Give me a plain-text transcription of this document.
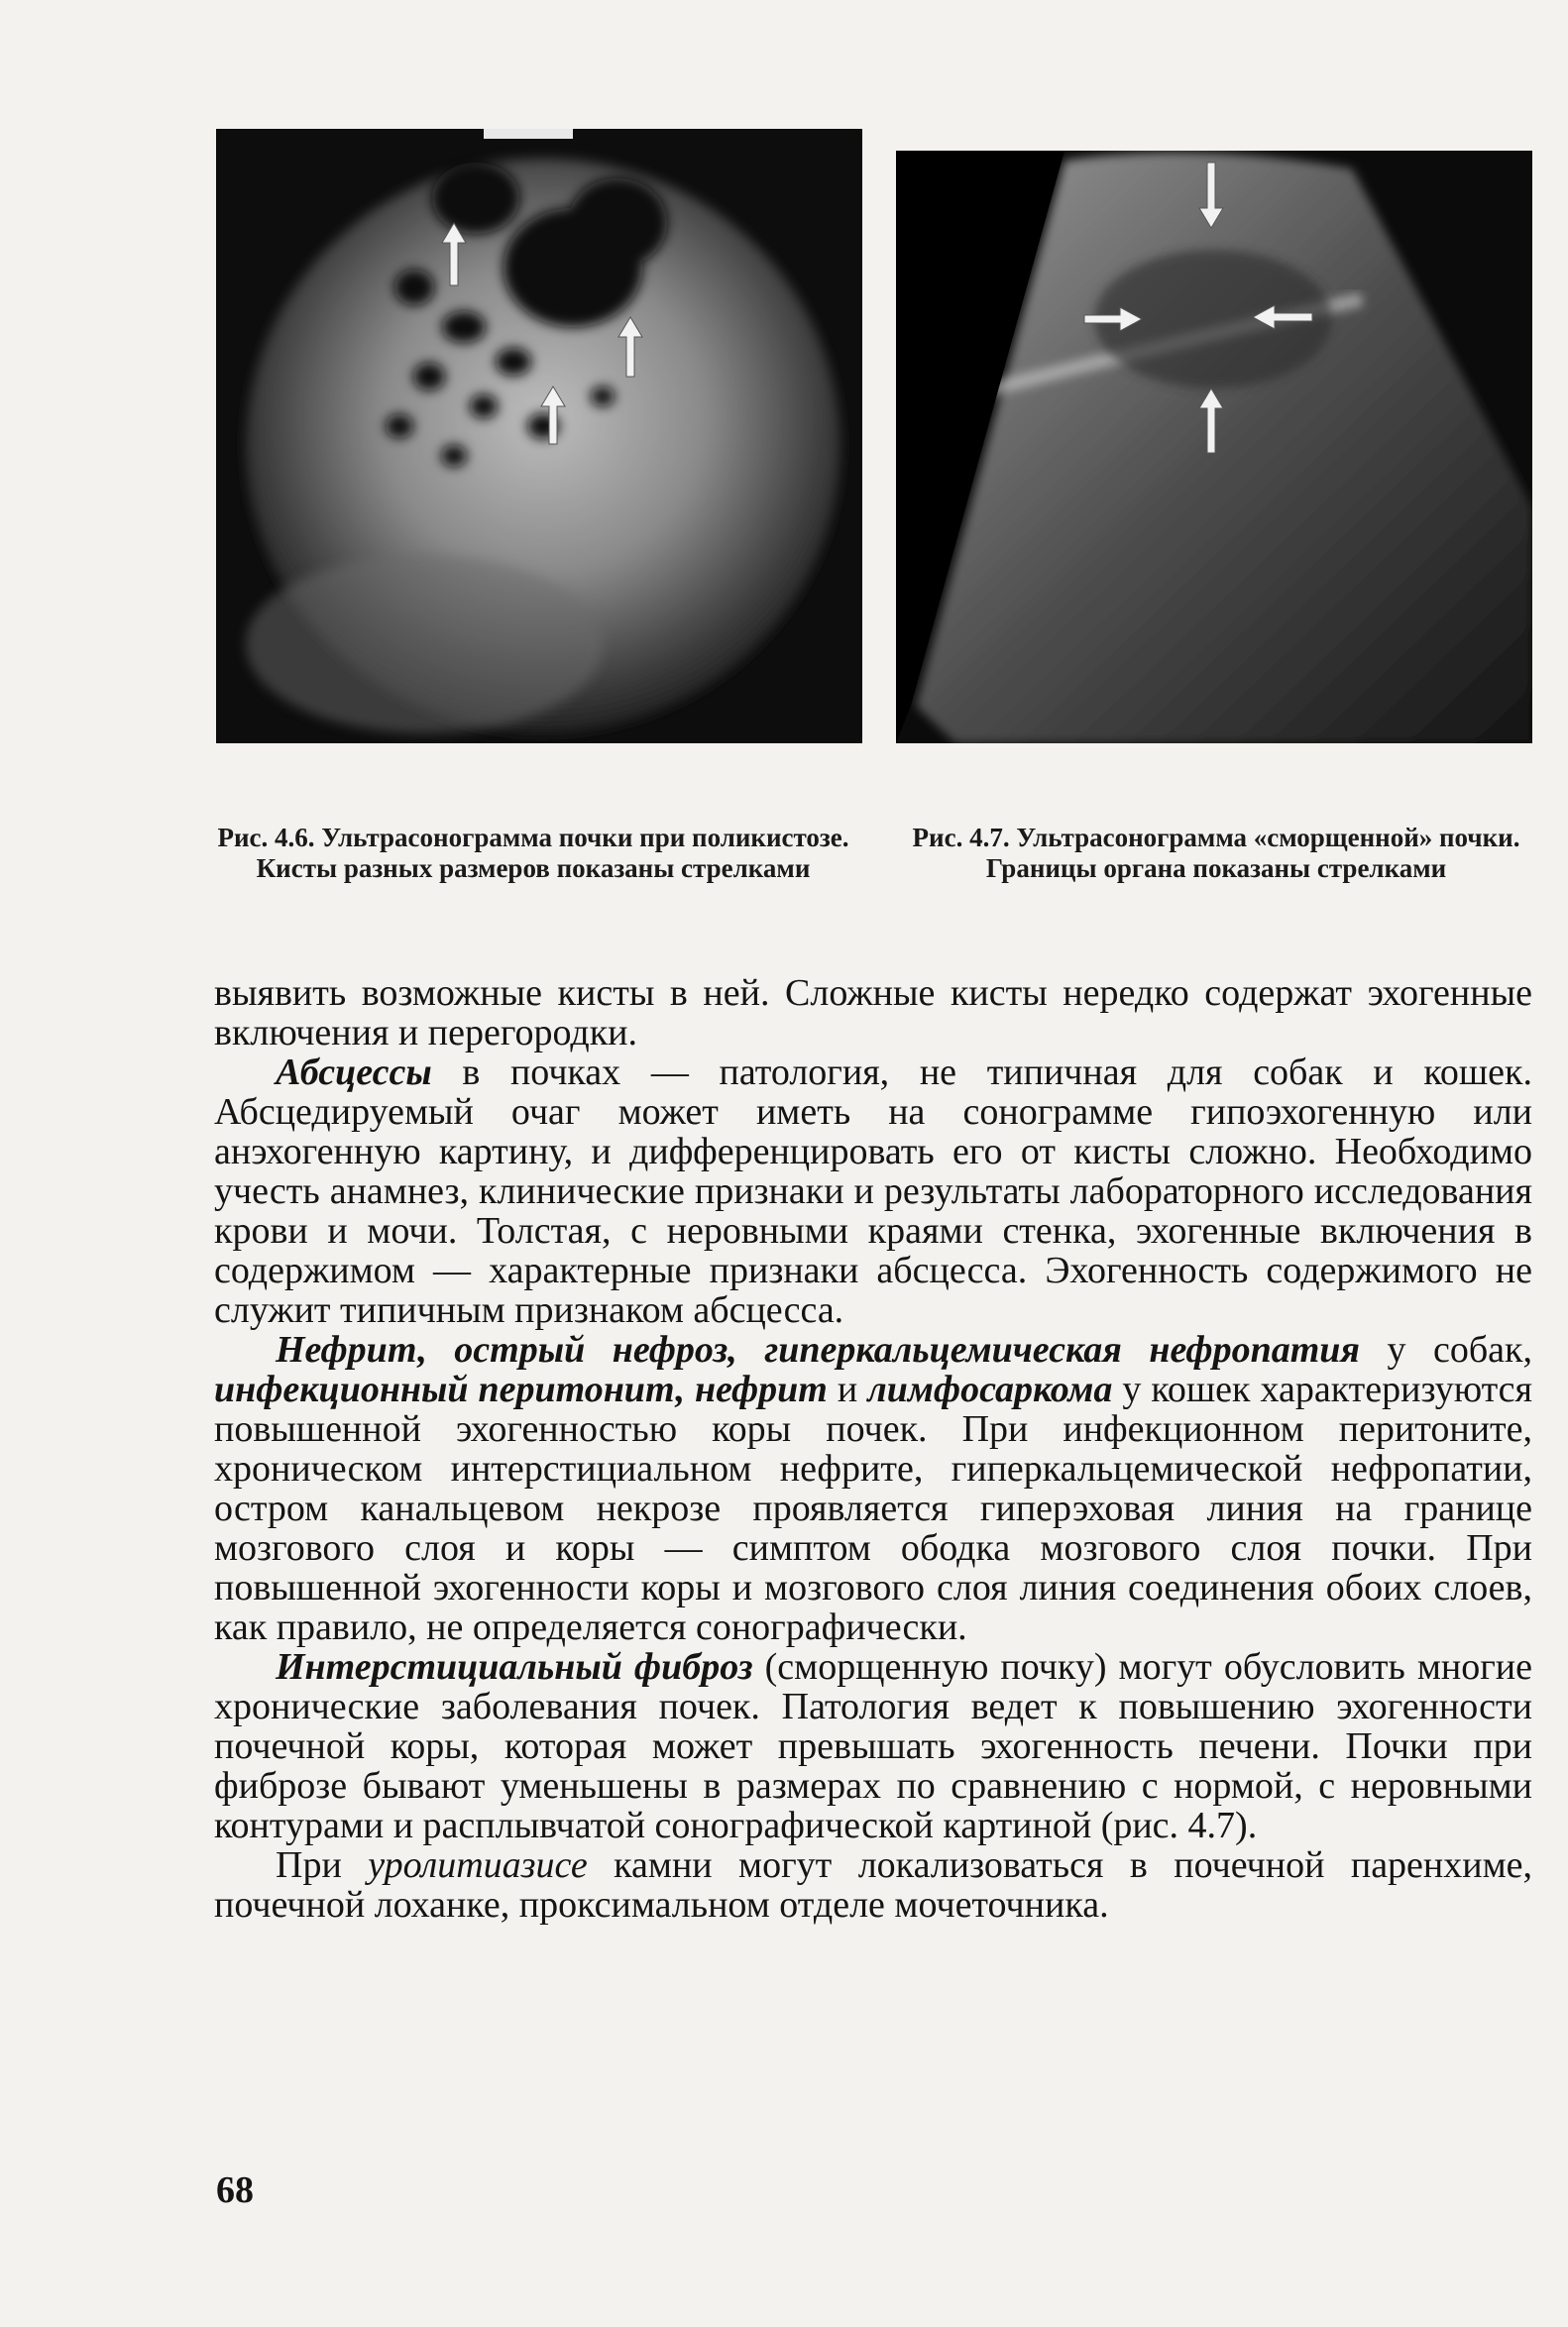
Рис. 4.6. Ультрасонограмма почки при поликистозе. Кисты разных размеров показаны стрелками
Рис. 4.7. Ультрасонограмма «сморщенной» почки. Границы органа показаны стрелками

выявить возможные кисты в ней. Сложные кисты нередко содержат эхогенные включения и перегородки.

Абсцессы в почках — патология, не типичная для собак и кошек. Абсцедируемый очаг может иметь на сонограмме гипоэхогенную или анэхогенную картину, и дифференцировать его от кисты сложно. Необходимо учесть анамнез, клинические признаки и результаты лабораторного исследования крови и мочи. Толстая, с неровными краями стенка, эхогенные включения в содержимом — характерные признаки абсцесса. Эхогенность содержимого не служит типичным признаком абсцесса.

Нефрит, острый нефроз, гиперкальцемическая нефропатия у собак, инфекционный перитонит, нефрит и лимфосаркома у кошек характеризуются повышенной эхогенностью коры почек. При инфекционном перитоните, хроническом интерстициальном нефрите, гиперкальцемической нефропатии, остром канальцевом некрозе проявляется гиперэховая линия на границе мозгового слоя и коры — симптом ободка мозгового слоя почки. При повышенной эхогенности коры и мозгового слоя линия соединения обоих слоев, как правило, не определяется сонографически.

Интерстициальный фиброз (сморщенную почку) могут обусловить многие хронические заболевания почек. Патология ведет к повышению эхогенности почечной коры, которая может превышать эхогенность печени. Почки при фиброзе бывают уменьшены в размерах по сравнению с нормой, с неровными контурами и расплывчатой сонографической картиной (рис. 4.7).

При уролитиазисе камни могут локализоваться в почечной паренхиме, почечной лоханке, проксимальном отделе мочеточника.

68
